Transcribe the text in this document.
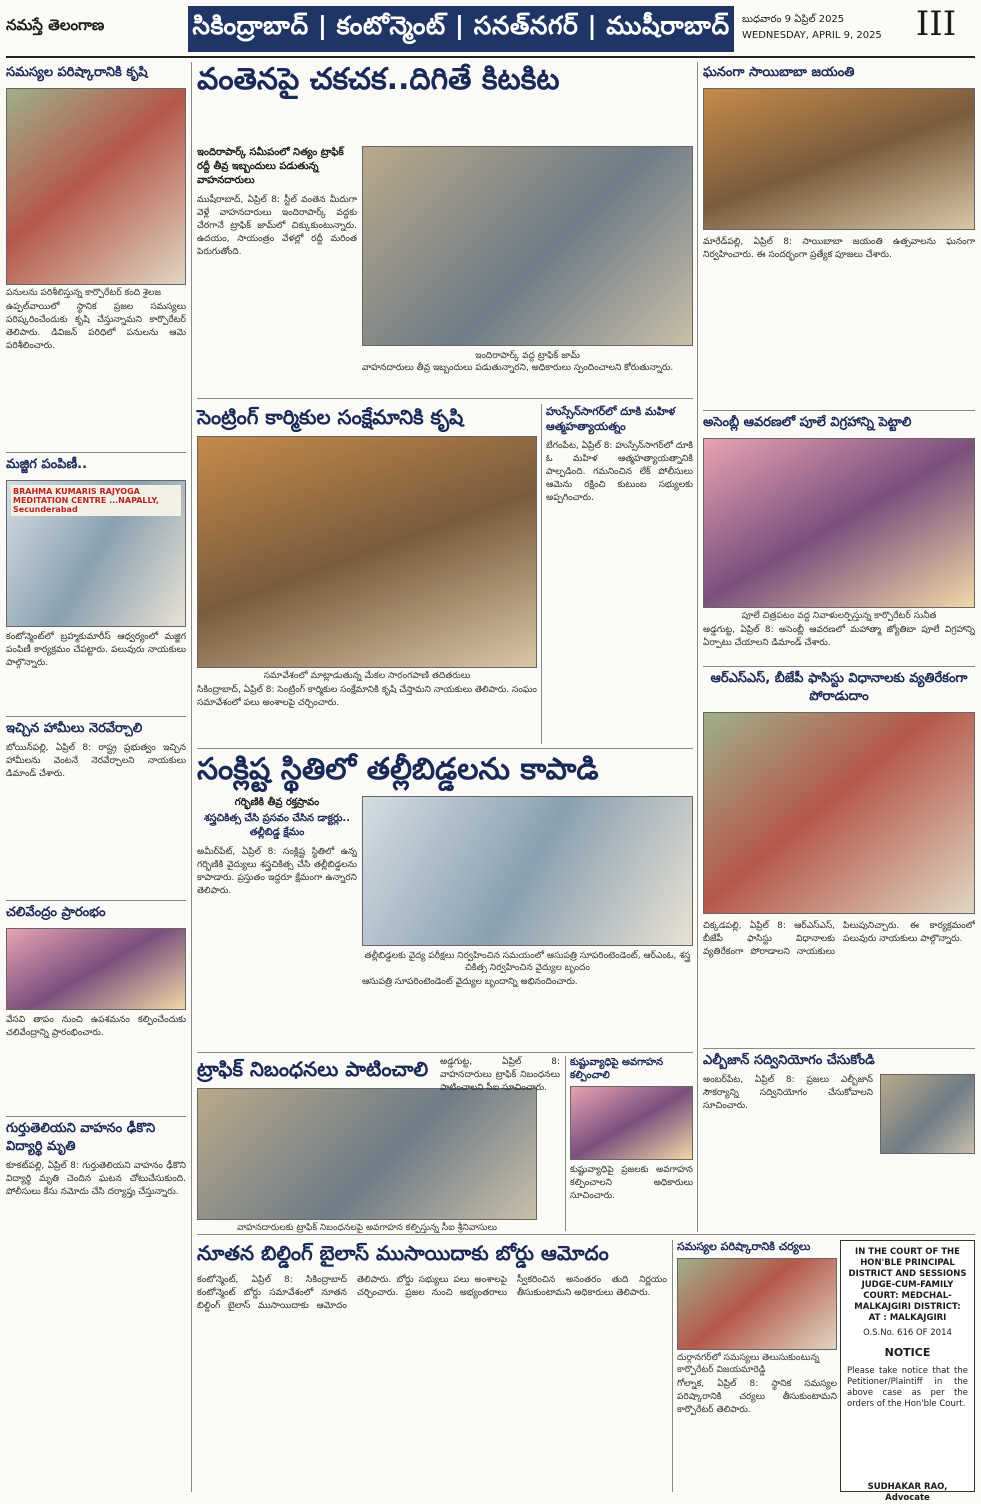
నమస్తే తెలంగాణ	సికింద్రాబాద్ | కంటోన్మెంట్ | సనత్‌నగర్ | ముషీరాబాద్	బుధవారం 9 ఏప్రిల్ 2025
WEDNESDAY, APRIL 9, 2025	III
సమస్యల పరిష్కారానికి కృషి
పనులను పరిశీలిస్తున్న కార్పొరేటర్ కంది శైలజ
ఉప్పల్‌వాయిలో స్థానిక ప్రజల సమస్యలు పరిష్కరించేందుకు కృషి చేస్తున్నామని కార్పొరేటర్ తెలిపారు. డివిజన్ పరిధిలో పనులను ఆమె పరిశీలించారు.
మజ్జిగ పంపిణీ..
BRAHMA KUMARIS RAJYOGA MEDITATION CENTRE ...NAPALLY, Secunderabad
కంటోన్మెంట్‌లో బ్రహ్మకుమారీస్ ఆధ్వర్యంలో మజ్జిగ పంపిణీ కార్యక్రమం చేపట్టారు. పలువురు నాయకులు పాల్గొన్నారు.
ఇచ్చిన హామీలు నెరవేర్చాలి
బోయిన్‌పల్లి, ఏప్రిల్ 8: రాష్ట్ర ప్రభుత్వం ఇచ్చిన హామీలను వెంటనే నెరవేర్చాలని నాయకులు డిమాండ్ చేశారు.
చలివేంద్రం ప్రారంభం
వేసవి తాపం నుంచి ఉపశమనం కల్పించేందుకు చలివేంద్రాన్ని ప్రారంభించారు.
గుర్తుతెలియని వాహనం ఢీకొని విద్యార్థి మృతి
కూకట్‌పల్లి, ఏప్రిల్ 8: గుర్తుతెలియని వాహనం ఢీకొని విద్యార్థి మృతి చెందిన ఘటన చోటుచేసుకుంది. పోలీసులు కేసు నమోదు చేసి దర్యాప్తు చేస్తున్నారు.
వంతెనపై చకచక..దిగితే కిటకిట
ఇందిరాపార్క్ సమీపంలో నిత్యం ట్రాఫిక్ రద్దీ తీవ్ర ఇబ్బందులు పడుతున్న వాహనదారులు
ముషీరాబాద్, ఏప్రిల్ 8: స్టీల్ వంతెన మీదుగా వెళ్లే వాహనదారులు ఇందిరాపార్క్ వద్దకు చేరగానే ట్రాఫిక్ జామ్‌లో చిక్కుకుంటున్నారు. ఉదయం, సాయంత్రం వేళల్లో రద్దీ మరింత పెరుగుతోంది.
ఇందిరాపార్క్ వద్ద ట్రాఫిక్ జామ్
వాహనదారులు తీవ్ర ఇబ్బందులు పడుతున్నారని, అధికారులు స్పందించాలని కోరుతున్నారు.
సెంట్రింగ్ కార్మికుల సంక్షేమానికి కృషి
సమావేశంలో మాట్లాడుతున్న మేకల సారంగపాణి తదితరులు
సికింద్రాబాద్, ఏప్రిల్ 8: సెంట్రింగ్ కార్మికుల సంక్షేమానికి కృషి చేస్తామని నాయకులు తెలిపారు. సంఘం సమావేశంలో పలు అంశాలపై చర్చించారు.
హుస్సేన్‌సాగర్‌లో దూకి మహిళ ఆత్మహత్యాయత్నం
బేగంపేట, ఏప్రిల్ 8: హుస్సేన్‌సాగర్‌లో దూకి ఓ మహిళ ఆత్మహత్యాయత్నానికి పాల్పడింది. గమనించిన లేక్ పోలీసులు ఆమెను రక్షించి కుటుంబ సభ్యులకు అప్పగించారు.
సంక్లిష్ట స్థితిలో తల్లీబిడ్డలను కాపాడి
గర్భిణికి తీవ్ర రక్తస్రావం
శస్త్రచికిత్స చేసి ప్రసవం చేసిన డాక్టర్లు.. తల్లీబిడ్డ క్షేమం
తల్లీబిడ్డలకు వైద్య పరీక్షలు నిర్వహించిన సమయంలో ఆసుపత్రి సూపరింటెండెంట్, ఆర్ఎంఓ, శస్త్ర చికిత్స నిర్వహించిన వైద్యుల బృందం
అమీర్‌పేట్, ఏప్రిల్ 8: సంక్లిష్ట స్థితిలో ఉన్న గర్భిణికి వైద్యులు శస్త్రచికిత్స చేసి తల్లీబిడ్డలను కాపాడారు. ప్రస్తుతం ఇద్దరూ క్షేమంగా ఉన్నారని తెలిపారు.
ఆసుపత్రి సూపరింటెండెంట్ వైద్యుల బృందాన్ని అభినందించారు.
ట్రాఫిక్ నిబంధనలు పాటించాలి
వాహనదారులకు ట్రాఫిక్ నిబంధనలపై అవగాహన కల్పిస్తున్న సీఐ శ్రీనివాసులు
అడ్డగుట్ట, ఏప్రిల్ 8: వాహనదారులు ట్రాఫిక్ నిబంధనలు పాటించాలని సీఐ సూచించారు.
కుష్టువ్యాధిపై అవగాహన కల్పించాలి
కుష్టువ్యాధిపై ప్రజలకు అవగాహన కల్పించాలని అధికారులు సూచించారు.
నూతన బిల్డింగ్ బైలాస్ ముసాయిదాకు బోర్డు ఆమోదం
కంటోన్మెంట్, ఏప్రిల్ 8: సికింద్రాబాద్ కంటోన్మెంట్ బోర్డు సమావేశంలో నూతన బిల్డింగ్ బైలాస్ ముసాయిదాకు ఆమోదం తెలిపారు. బోర్డు సభ్యులు పలు అంశాలపై చర్చించారు. ప్రజల నుంచి అభ్యంతరాలు స్వీకరించిన అనంతరం తుది నిర్ణయం తీసుకుంటామని అధికారులు తెలిపారు.
సమస్యల పరిష్కారానికి చర్యలు
దుర్గానగర్‌లో సమస్యలు తెలుసుకుంటున్న కార్పొరేటర్ విజయమారెడ్డి
గోల్నాక, ఏప్రిల్ 8: స్థానిక సమస్యల పరిష్కారానికి చర్యలు తీసుకుంటామని కార్పొరేటర్ తెలిపారు.
ఘనంగా సాయిబాబా జయంతి
మారేడ్‌పల్లి, ఏప్రిల్ 8: సాయిబాబా జయంతి ఉత్సవాలను ఘనంగా నిర్వహించారు. ఈ సందర్భంగా ప్రత్యేక పూజలు చేశారు.
అసెంబ్లీ ఆవరణలో పూలే విగ్రహాన్ని పెట్టాలి
పూలే చిత్రపటం వద్ద నివాళులర్పిస్తున్న కార్పొరేటర్ సునీత
అడ్డగుట్ట, ఏప్రిల్ 8: అసెంబ్లీ ఆవరణలో మహాత్మా జ్యోతిబా పూలే విగ్రహాన్ని ఏర్పాటు చేయాలని డిమాండ్ చేశారు.
ఆర్ఎస్ఎస్, బీజేపీ ఫాసిస్టు విధానాలకు వ్యతిరేకంగా పోరాడుదాం
చిక్కడపల్లి, ఏప్రిల్ 8: ఆర్ఎస్ఎస్, బీజేపీ ఫాసిస్టు విధానాలకు వ్యతిరేకంగా పోరాడాలని నాయకులు పిలుపునిచ్చారు. ఈ కార్యక్రమంలో పలువురు నాయకులు పాల్గొన్నారు.
ఎల్బీజాన్ సద్వినియోగం చేసుకోండి
అంబర్‌పేట, ఏప్రిల్ 8: ప్రజలు ఎల్బీజాన్ సౌకర్యాన్ని సద్వినియోగం చేసుకోవాలని సూచించారు.
IN THE COURT OF THE HON'BLE PRINCIPAL DISTRICT AND SESSIONS JUDGE-CUM-FAMILY COURT: MEDCHAL-MALKAJGIRI DISTRICT: AT : MALKAJGIRI
O.S.No. 616 OF 2014
NOTICE
Please take notice that the Petitioner/Plaintiff in the above case as per the orders of the Hon'ble Court.
SUDHAKAR RAO, Advocate
